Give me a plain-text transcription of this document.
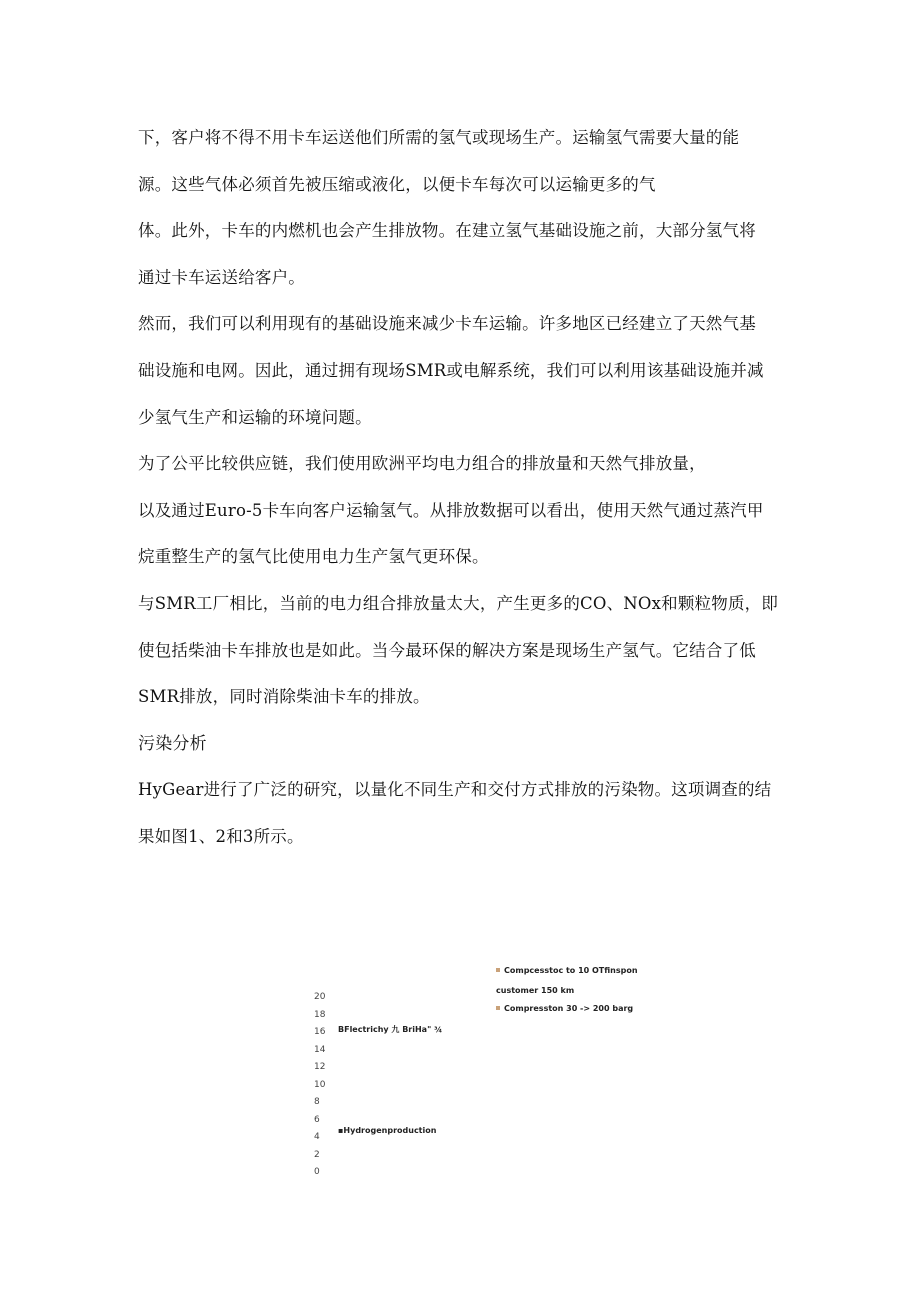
下，客户将不得不用卡车运送他们所需的氢气或现场生产。运输氢气需要大量的能
源。这些气体必须首先被压缩或液化，以便卡车每次可以运输更多的气
体。此外，卡车的内燃机也会产生排放物。在建立氢气基础设施之前，大部分氢气将
通过卡车运送给客户。
然而，我们可以利用现有的基础设施来减少卡车运输。许多地区已经建立了天然气基
础设施和电网。因此，通过拥有现场SMR或电解系统，我们可以利用该基础设施并减
少氢气生产和运输的环境问题。
为了公平比较供应链，我们使用欧洲平均电力组合的排放量和天然气排放量，
以及通过Euro-5卡车向客户运输氢气。从排放数据可以看出，使用天然气通过蒸汽甲
烷重整生产的氢气比使用电力生产氢气更环保。
与SMR工厂相比，当前的电力组合排放量太大，产生更多的CO、NOx和颗粒物质，即
使包括柴油卡车排放也是如此。当今最环保的解决方案是现场生产氢气。它结合了低
SMR排放，同时消除柴油卡车的排放。
污染分析
HyGear进行了广泛的研究，以量化不同生产和交付方式排放的污染物。这项调查的结
果如图1、2和3所示。
20
18
16
14
12
10
8
6
4
2
0
Compcesstoc to 10 OTfinspon
customer 150 km
Compresston 30 -> 200 barg
BFlectrichy 九 BriHa" ¾
▪Hydrogenproduction
